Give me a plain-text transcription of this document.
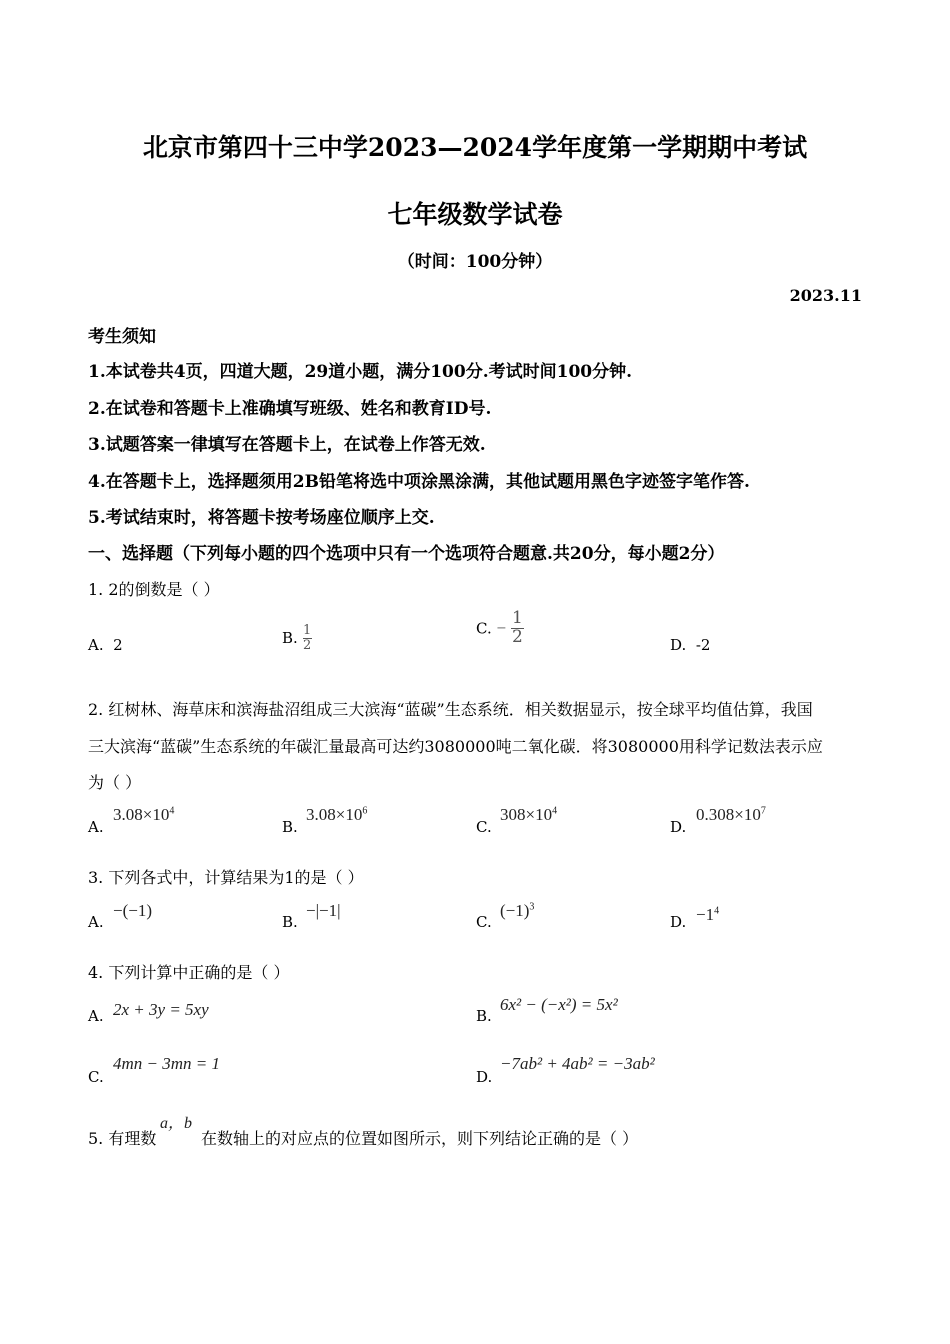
北京市第四十三中学2023—2024学年度第一学期期中考试
七年级数学试卷
（时间：100分钟）
2023.11
考生须知
1.本试卷共4页，四道大题，29道小题，满分100分.考试时间100分钟.
2.在试卷和答题卡上准确填写班级、姓名和教育ID号.
3.试题答案一律填写在答题卡上，在试卷上作答无效.
4.在答题卡上，选择题须用2B铅笔将选中项涂黑涂满，其他试题用黑色字迹签字笔作答.
5.考试结束时，将答题卡按考场座位顺序上交.
一、选择题（下列每小题的四个选项中只有一个选项符合题意.共20分，每小题2分）
1. 2的倒数是（ ）
A. 2	B. $\frac{1}{2}$	C. − $\frac{1}{2}$	D. -2
2. 红树林、海草床和滨海盐沼组成三大滨海“蓝碳”生态系统．相关数据显示，按全球平均值估算，我国
三大滨海“蓝碳”生态系统的年碳汇量最高可达约3080000吨二氧化碳．将3080000用科学记数法表示应
为（ ）
A.
$3.08\times 10^4$
B.
$3.08\times 10^6$
C.
$308\times 10^4$
D.
$0.308\times 10^7$
3. 下列各式中，计算结果为1的是（ ）
A.
−(−1)
B.
−|−1|
C.
$(-1)^3$
D. $-1^4$
4. 下列计算中正确的是（ ）
A. 2x + 3y = 5xy	B.
6x² − (−x²) = 5x²
C.
4mn − 3mn = 1
D.
−7ab² + 4ab² = −3ab²
5. 有理数
a，b
在数轴上的对应点的位置如图所示，则下列结论正确的是（ ）
